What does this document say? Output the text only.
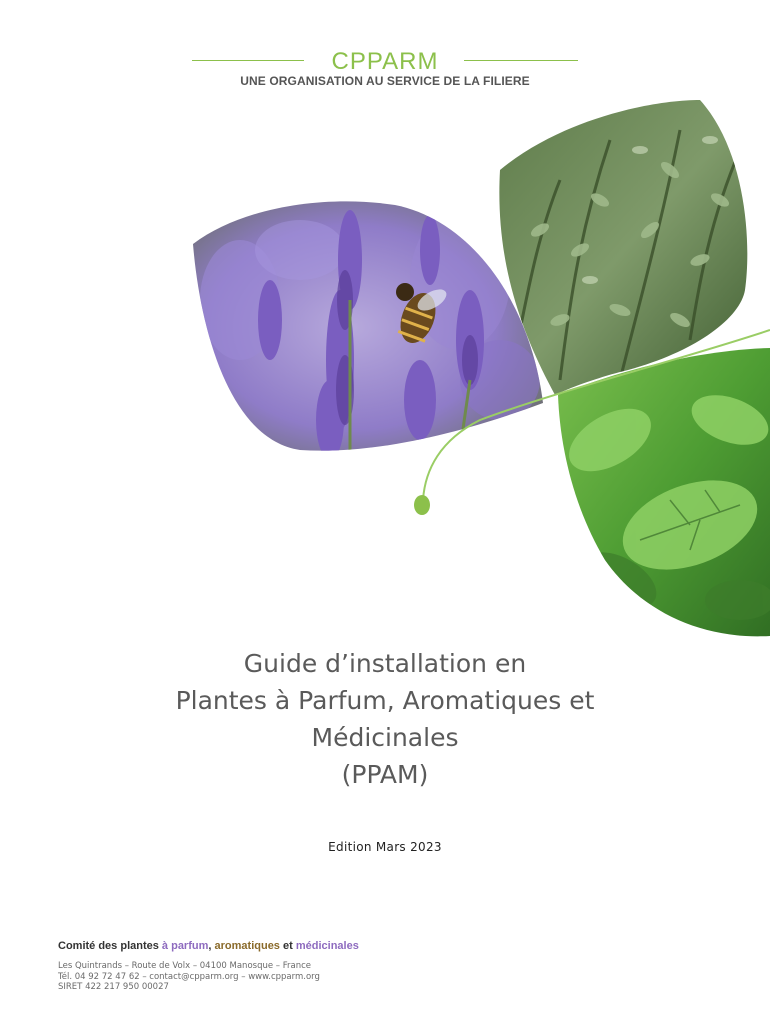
CPPARM
UNE ORGANISATION AU SERVICE DE LA FILIERE
Guide d’installation en
Plantes à Parfum, Aromatiques et
Médicinales
(PPAM)
Edition Mars 2023
Comité des plantes à parfum, aromatiques et médicinales
Les Quintrands – Route de Volx – 04100 Manosque – France
Tél. 04 92 72 47 62 – contact@cpparm.org – www.cpparm.org
SIRET 422 217 950 00027
